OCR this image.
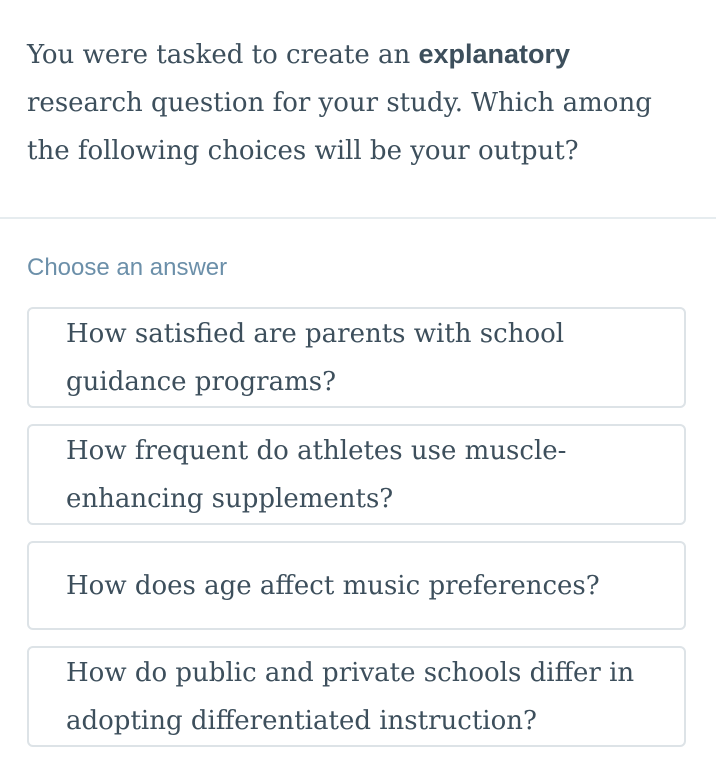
You were tasked to create an explanatory research question for your study. Which among the following choices will be your output?

Choose an answer
How satisfied are parents with school guidance programs?
How frequent do athletes use muscle-enhancing supplements?
How does age affect music preferences?
How do public and private schools differ in adopting differentiated instruction?
